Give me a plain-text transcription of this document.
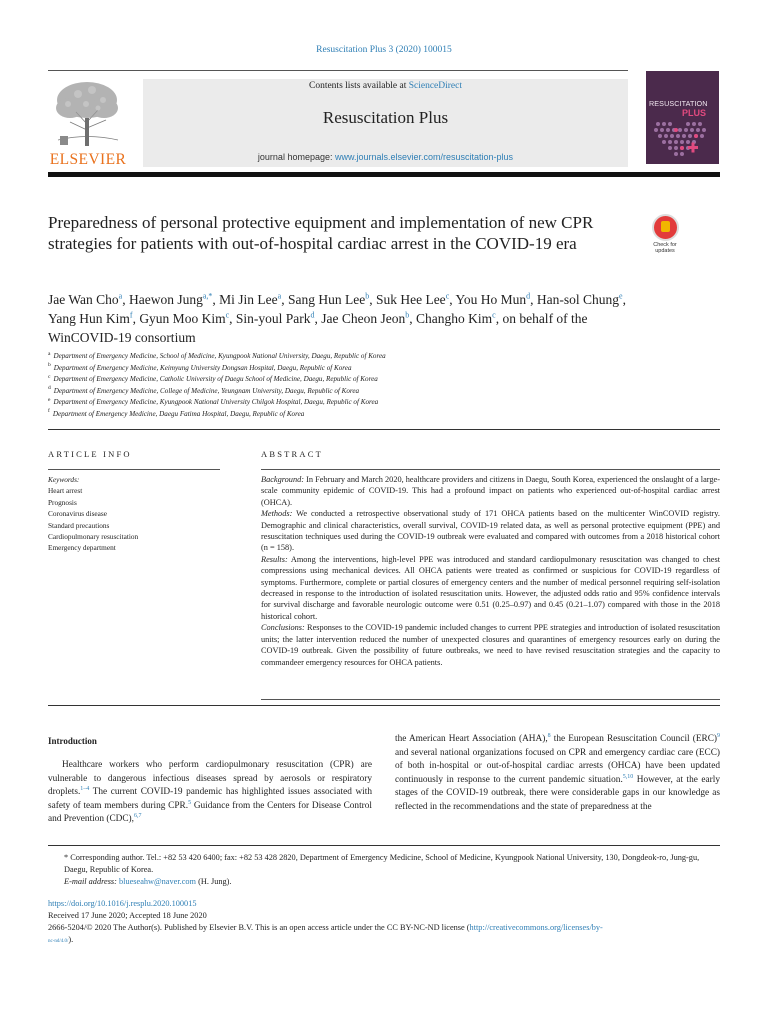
Resuscitation Plus 3 (2020) 100015
ELSEVIER
Contents lists available at ScienceDirect
Resuscitation Plus
journal homepage: www.journals.elsevier.com/resuscitation-plus
RESUSCITATION
PLUS
Preparedness of personal protective equipment and implementation of new CPR strategies for patients with out-of-hospital cardiac arrest in the COVID-19 era	Check for updates
Jae Wan Cho$^a$, Haewon Jung$^{a,*}$, Mi Jin Lee$^a$, Sang Hun Lee$^b$, Suk Hee Lee$^c$, You Ho Mun$^d$, Han-sol Chung$^e$, Yang Hun Kim$^f$, Gyun Moo Kim$^c$, Sin-youl Park$^d$, Jae Cheon Jeon$^b$, Changho Kim$^c$, on behalf of the WinCOVID-19 consortium
$^a$ Department of Emergency Medicine, School of Medicine, Kyungpook National University, Daegu, Republic of Korea
$^b$ Department of Emergency Medicine, Keimyung University Dongsan Hospital, Daegu, Republic of Korea
$^c$ Department of Emergency Medicine, Catholic University of Daegu School of Medicine, Daegu, Republic of Korea
$^d$ Department of Emergency Medicine, College of Medicine, Yeungnam University, Daegu, Republic of Korea
$^e$ Department of Emergency Medicine, Kyungpook National University Chilgok Hospital, Daegu, Republic of Korea
$^f$ Department of Emergency Medicine, Daegu Fatima Hospital, Daegu, Republic of Korea
ARTICLE INFO
Keywords:
Heart arrest
Prognosis
Coronavirus disease
Standard precautions
Cardiopulmonary resuscitation
Emergency department
ABSTRACT

Background: In February and March 2020, healthcare providers and citizens in Daegu, South Korea, experienced the onslaught of a large-scale community epidemic of COVID-19. This had a profound impact on patients who experienced out-of-hospital cardiac arrest (OHCA).

Methods: We conducted a retrospective observational study of 171 OHCA patients based on the multicenter WinCOVID registry. Demographic and clinical characteristics, overall survival, COVID-19 related data, as well as personal protective equipment (PPE) and resuscitation techniques used during the COVID-19 outbreak were evaluated and compared with outcomes from a 2018 historical cohort (n = 158).

Results: Among the interventions, high-level PPE was introduced and standard cardiopulmonary resuscitation was changed to chest compressions using mechanical devices. All OHCA patients were treated as confirmed or suspicious for COVID-19 regardless of symptoms. Furthermore, complete or partial closures of emergency centers and the number of medical personnel requiring self-isolation decreased in response to the introduction of isolated resuscitation units. However, the adjusted odds ratio and 95% confidence intervals for survival discharge and favorable neurologic outcome were 0.51 (0.25–0.97) and 0.45 (0.21–1.07) compared with those in the 2018 historical cohort.

Conclusions: Responses to the COVID-19 pandemic included changes to current PPE strategies and introduction of isolated resuscitation units; the latter intervention reduced the number of unexpected closures and quarantines of emergency resources early on during the COVID-19 outbreak. Given the possibility of future outbreaks, we need to have revised resuscitation strategies and the capacity to commandeer emergency resources for OHCA patients.

Introduction

Healthcare workers who perform cardiopulmonary resuscitation (CPR) are vulnerable to dangerous infectious diseases spread by aerosols or respiratory droplets.$^{1-4}$ The current COVID-19 pandemic has highlighted issues associated with safety of team members during CPR.$^5$ Guidance from the Centers for Disease Control and Prevention (CDC),$^{6,7}$

the American Heart Association (AHA),$^8$ the European Resuscitation Council (ERC)$^9$ and several national organizations focused on CPR and emergency cardiac care (ECC) of both in-hospital or out-of-hospital cardiac arrests (OHCA) have been updated continuously in response to the current pandemic situation.$^{5,10}$ However, at the early stages of the COVID-19 outbreak, there were considerable gaps in our knowledge as reflected in the recommendations and the state of preparedness at the

* Corresponding author. Tel.: +82 53 420 6400; fax: +82 53 428 2820, Department of Emergency Medicine, School of Medicine, Kyungpook National University, 130, Dongdeok-ro, Jung-gu, Daegu, Republic of Korea.
E-mail address: blueseahw@naver.com (H. Jung).
https://doi.org/10.1016/j.resplu.2020.100015
Received 17 June 2020; Accepted 18 June 2020
2666-5204/© 2020 The Author(s). Published by Elsevier B.V. This is an open access article under the CC BY-NC-ND license (http://creativecommons.org/licenses/by-
nc-nd/4.0/).
